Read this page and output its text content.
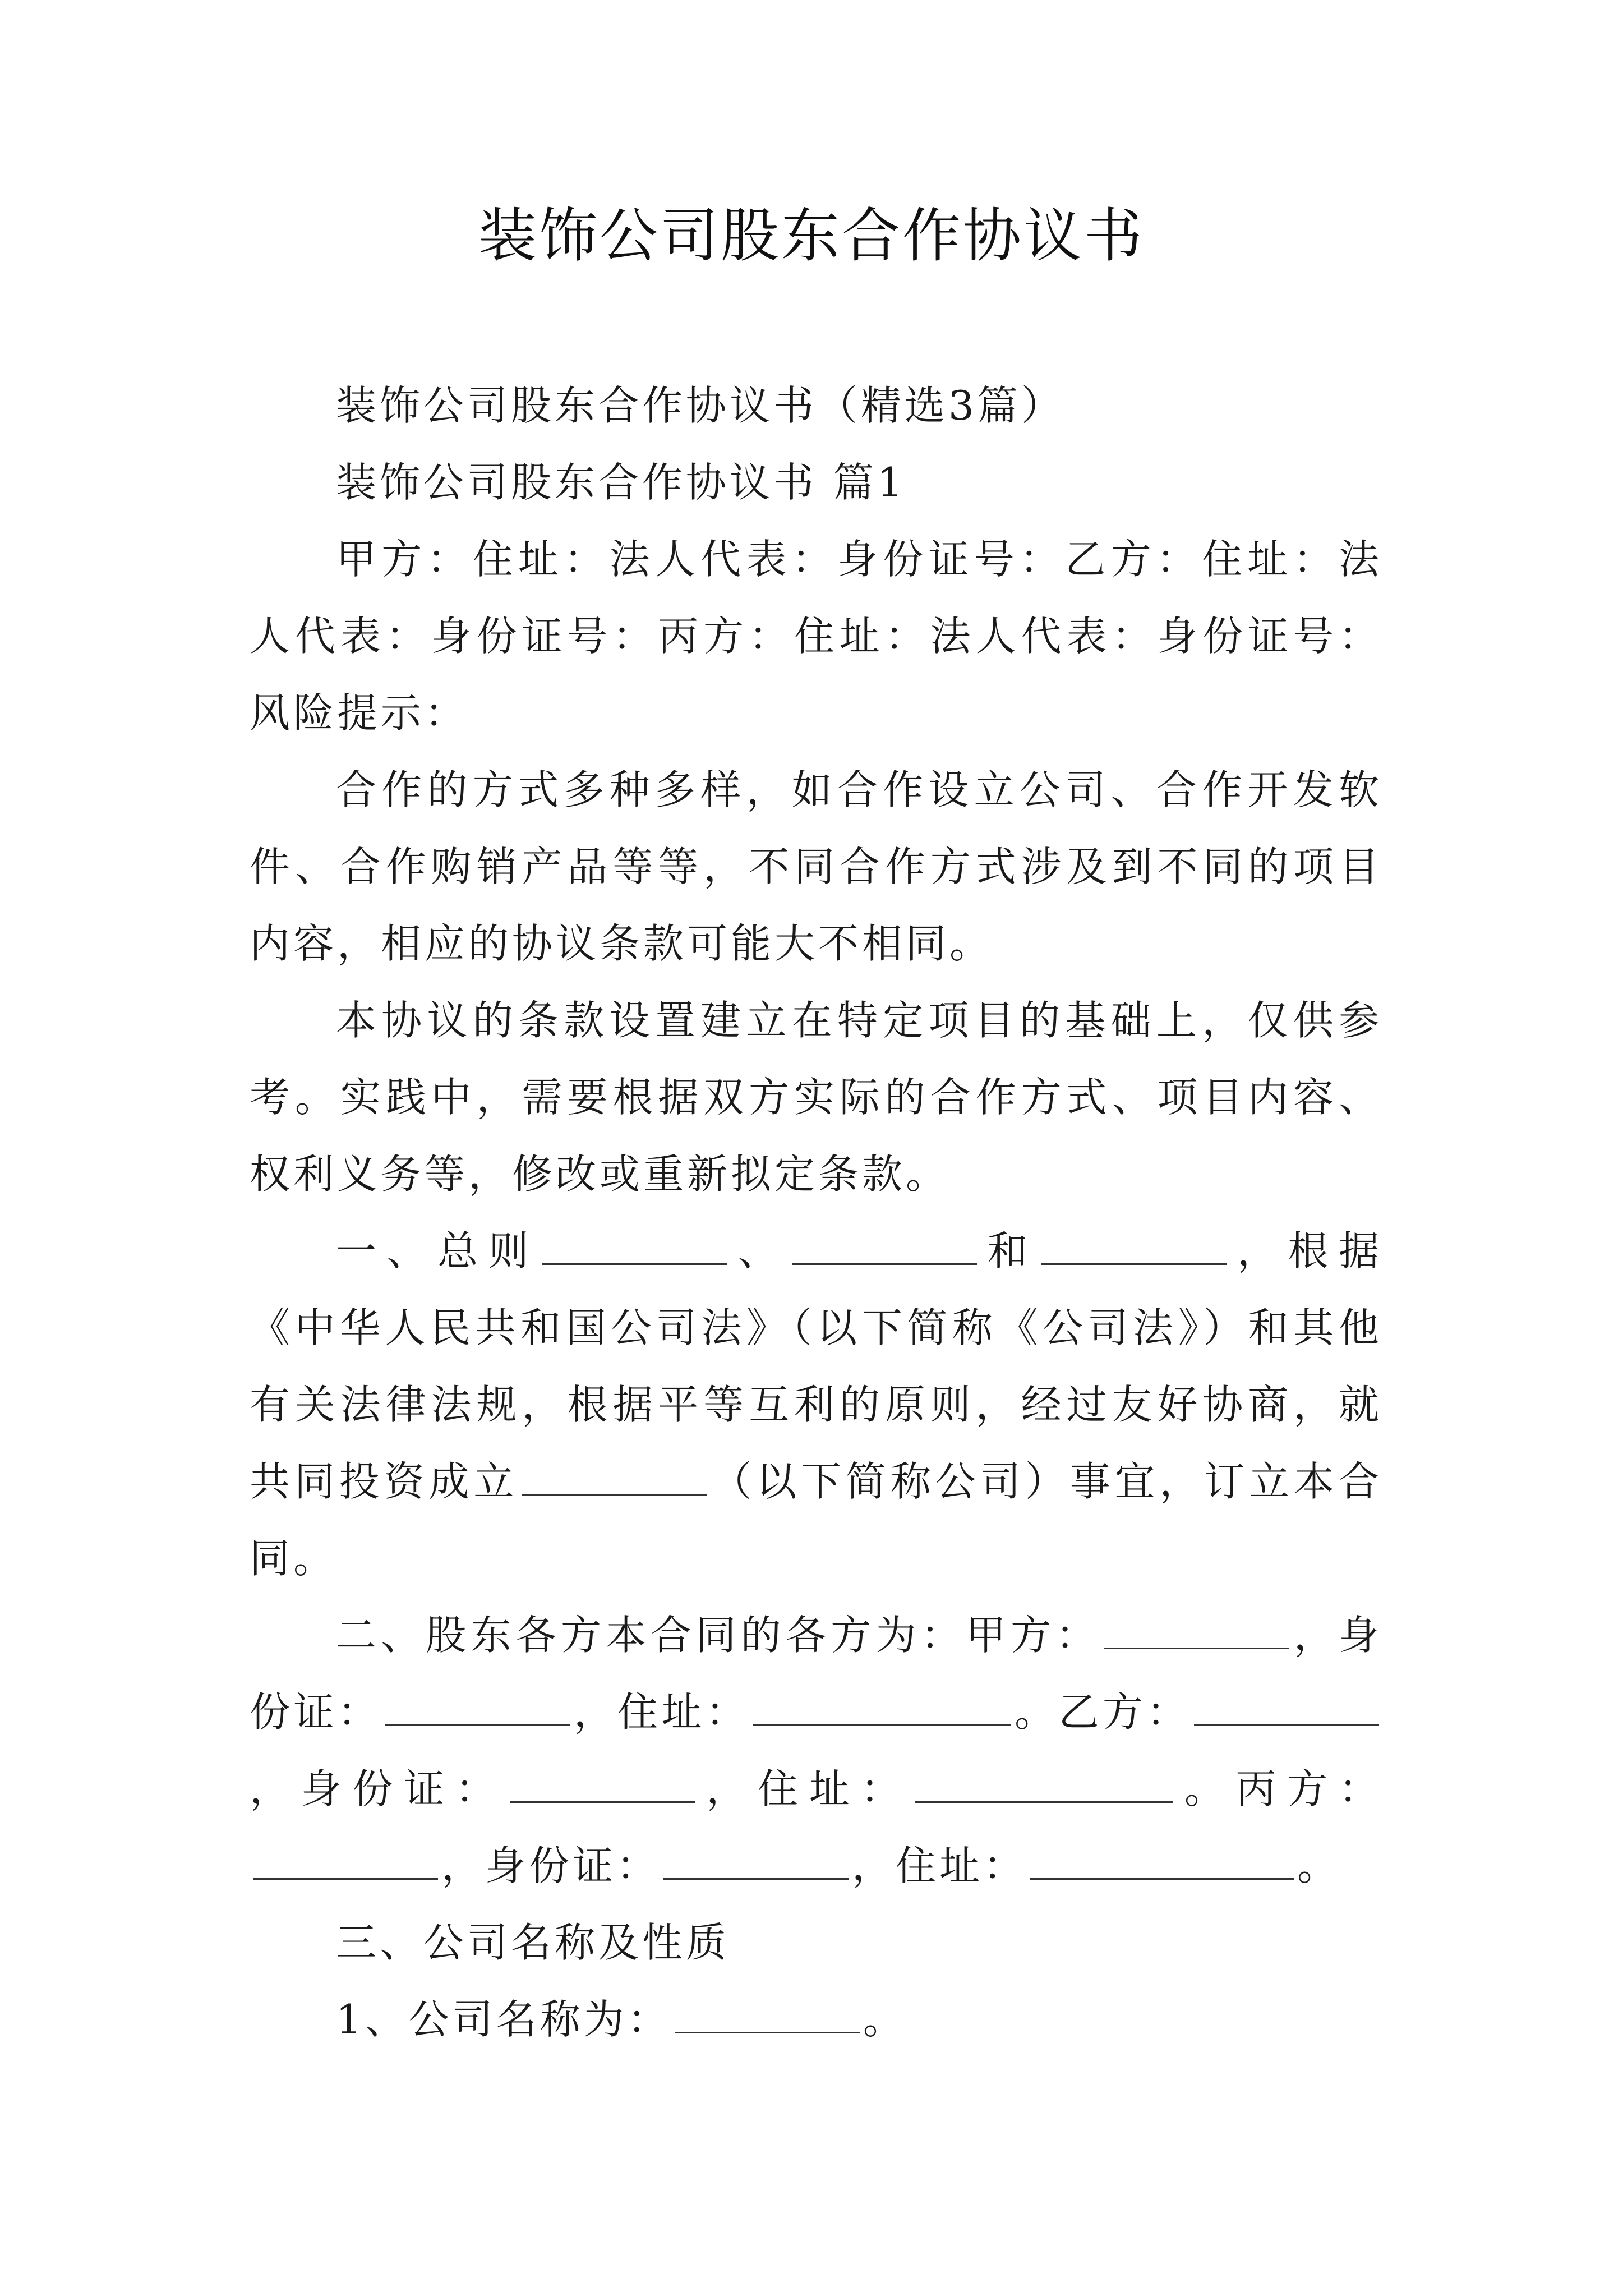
装饰公司股东合作协议书

装饰公司股东合作协议书（精选3篇）

装饰公司股东合作协议书 篇1

甲方：住址：法人代表：身份证号：乙方：住址：法人代表：身份证号：丙方：住址：法人代表：身份证号：风险提示：

合作的方式多种多样，如合作设立公司、合作开发软件、合作购销产品等等，不同合作方式涉及到不同的项目内容，相应的协议条款可能大不相同。

本协议的条款设置建立在特定项目的基础上，仅供参考。实践中，需要根据双方实际的合作方式、项目内容、权利义务等，修改或重新拟定条款。

一、总则	、	和	，根据《中华人民共和国公司法》（以下简称《公司法》）和其他有关法律法规，根据平等互利的原则，经过友好协商，就共同投资成立	（以下简称公司）事宜，订立本合同。

二、股东各方本合同的各方为：甲方：	，身份证：	，住址：	。乙方：，身份证：	，住址：	。丙方：，身份证：	，住址：	。

三、公司名称及性质

1、公司名称为：	。
